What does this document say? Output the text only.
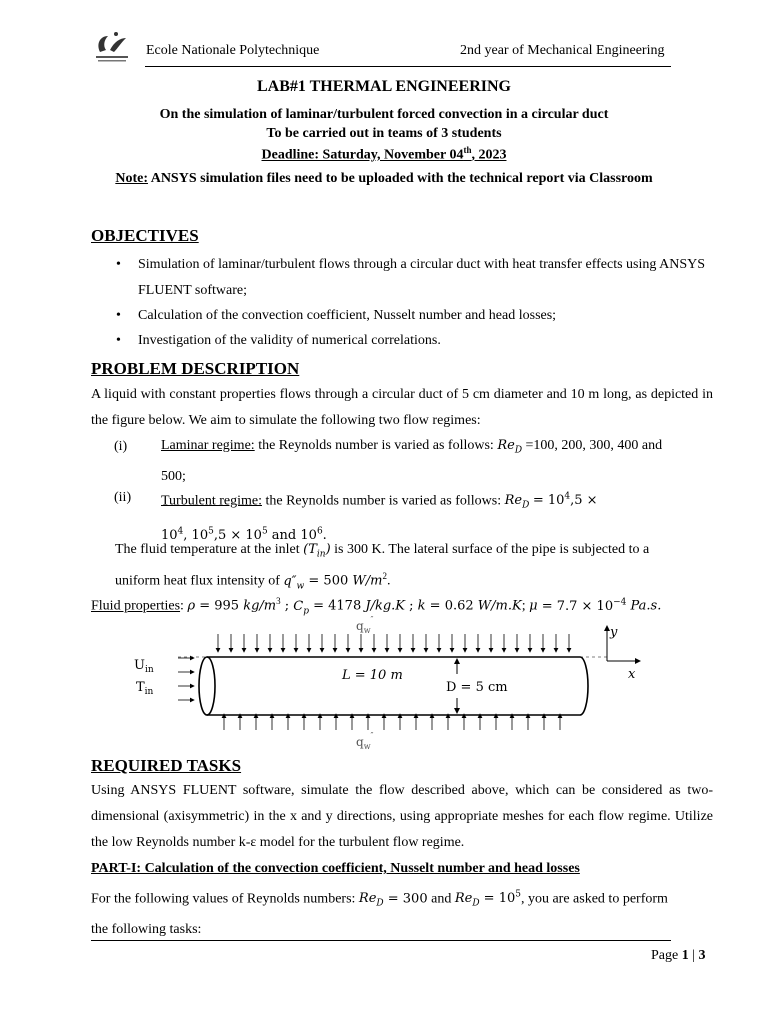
Ecole Nationale Polytechnique	2nd year of Mechanical Engineering
LAB#1 THERMAL ENGINEERING
On the simulation of laminar/turbulent forced convection in a circular duct
To be carried out in teams of 3 students
Deadline: Saturday, November 04th, 2023
Note: ANSYS simulation files need to be uploaded with the technical report via Classroom
OBJECTIVES
• Simulation of laminar/turbulent flows through a circular duct with heat transfer effects using ANSYS FLUENT software;
• Calculation of the convection coefficient, Nusselt number and head losses;
• Investigation of the validity of numerical correlations.
PROBLEM DESCRIPTION
A liquid with constant properties flows through a circular duct of 5 cm diameter and 10 m long, as depicted in the figure below. We aim to simulate the following two flow regimes:
(i) Laminar regime: the Reynolds number is varied as follows: $Re_D =100$, 200, 300, 400 and
500;
(ii) Turbulent regime: the Reynolds number is varied as follows: $Re_D = 10^4,5$ ×
$10^4$, $10^5,5 \times 10^5$ and $10^6$.
The fluid temperature at the inlet $(T_{in})$ is 300 K. The lateral surface of the pipe is subjected to a
uniform heat flux intensity of $q''_w = 500$ $W/m^2$.
Fluid properties: ρ = 995 $kg/m^3$ ; $C_p = 4178$ J/kg.K ; k = 0.62 W/m.K; $\mu = 7.7 \times 10^{-4}$ Pa.s.
$q_w''$
$q_w''$
$U_{in}$
$T_{in}$
L = 10 m
D = 5 cm
y
x
REQUIRED TASKS
Using ANSYS FLUENT software, simulate the flow described above, which can be considered as two-dimensional (axisymmetric) in the x and y directions, using appropriate meshes for each flow regime. Utilize the low Reynolds number k-ε model for the turbulent flow regime.
PART-I: Calculation of the convection coefficient, Nusselt number and head losses
For the following values of Reynolds numbers: $Re_D = 300$ and $Re_D = 10^5$, you are asked to perform
the following tasks:
Page 1 | 3
